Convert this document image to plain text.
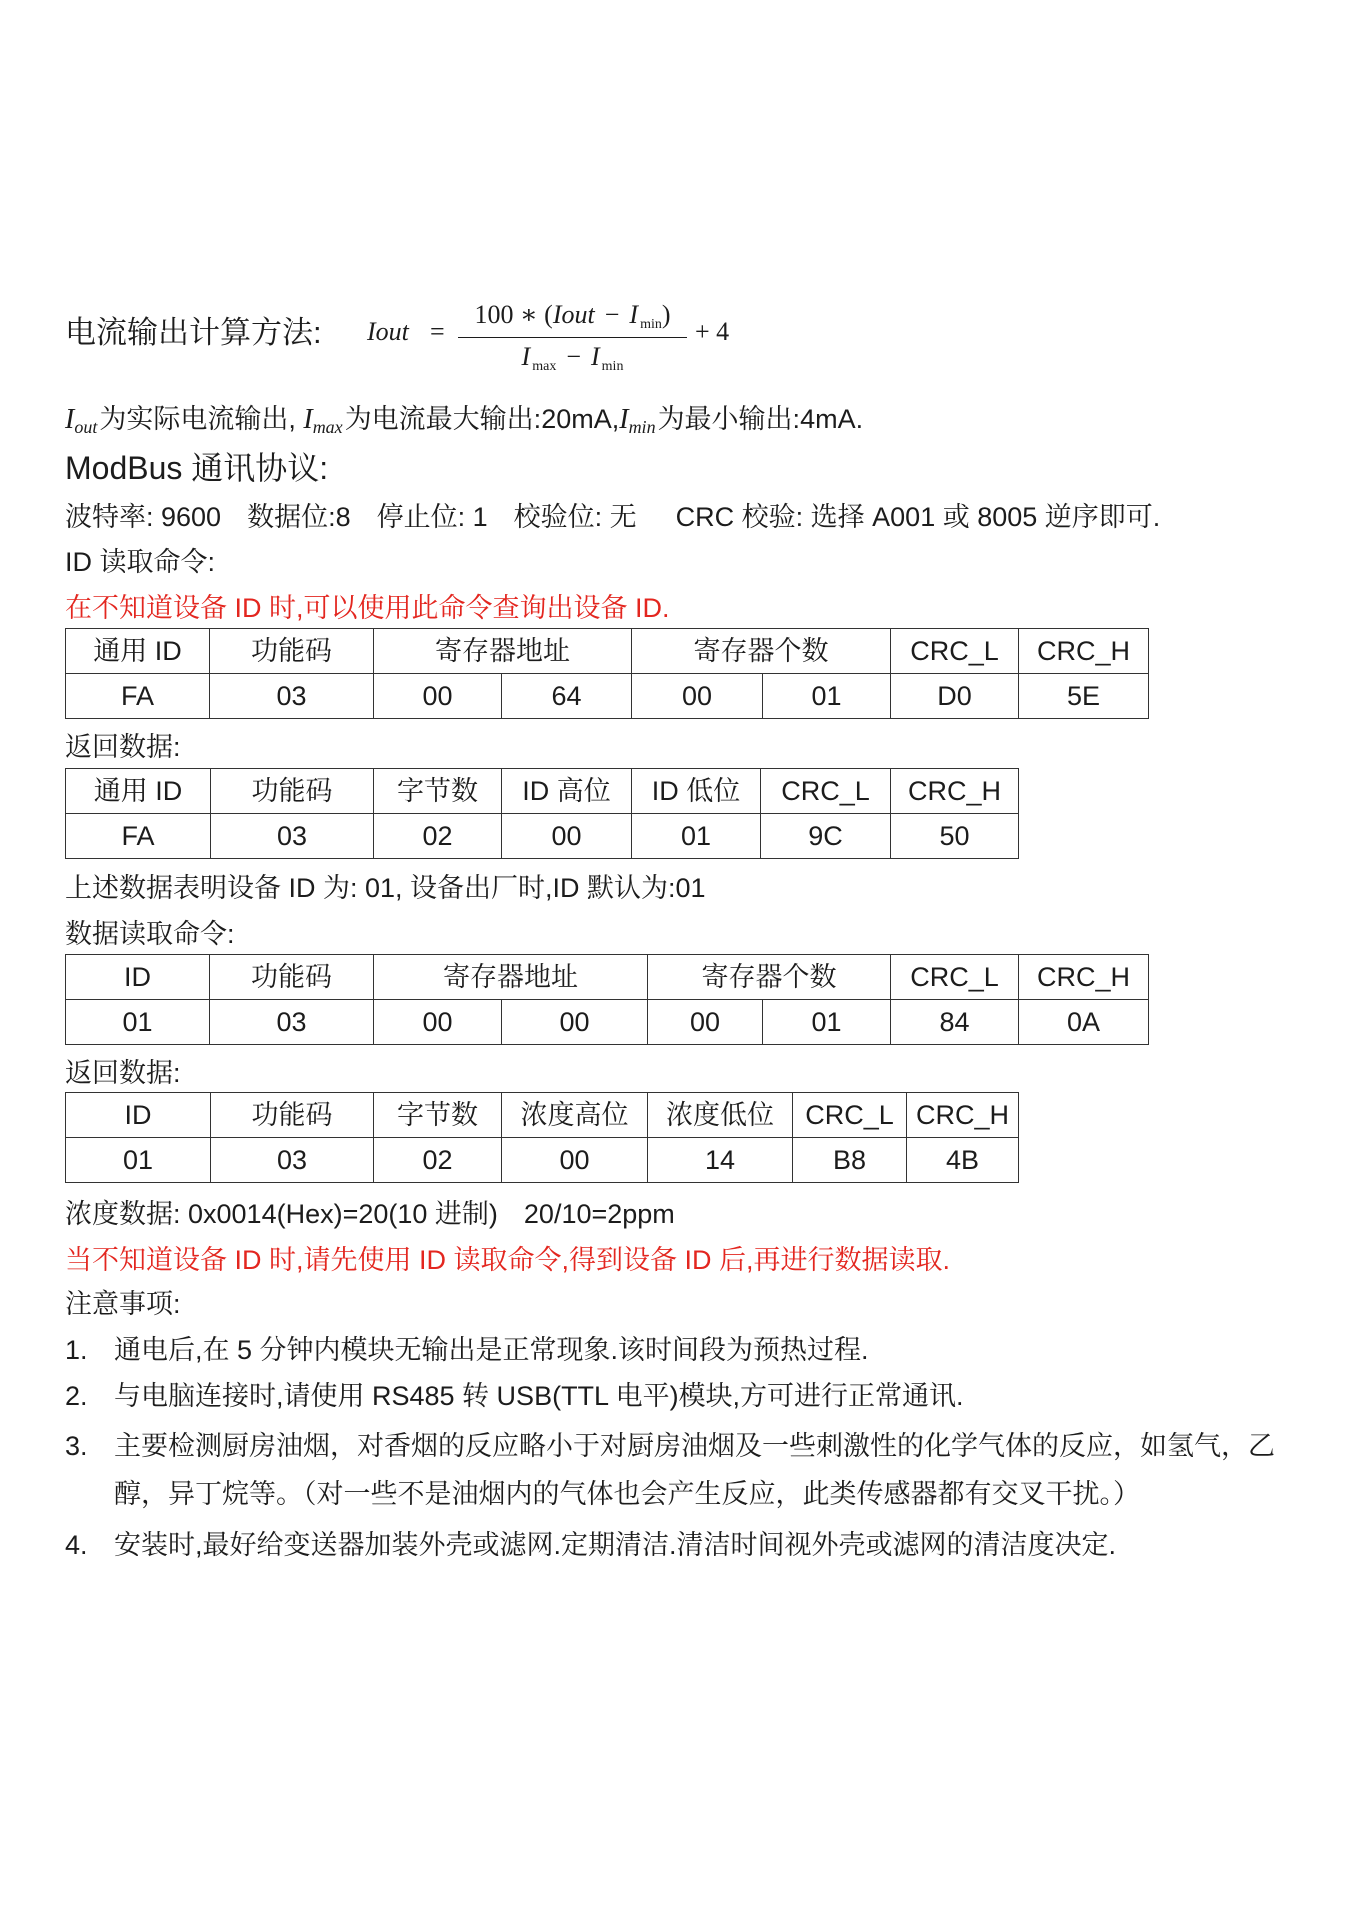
电流输出计算方法: Iout =
100 ∗ ( Iout − I min )
I max − I min
+ 4
Iout为实际电流输出, Imax为电流最大输出:20mA,Imin为最小输出:4mA.
ModBus 通讯协议:
波特率: 9600 数据位:8 停止位: 1 校验位: 无 CRC 校验: 选择 A001 或 8005 逆序即可.
ID 读取命令:
在不知道设备 ID 时,可以使用此命令查询出设备 ID.
通用 ID	功能码	寄存器地址		寄存器个数		CRC_L	CRC_H
FA	03	00	64	00	01	D0	5E
返回数据:
通用 ID	功能码	字节数	ID 高位	ID 低位	CRC_L	CRC_H
FA	03	02	00	01	9C	50
上述数据表明设备 ID 为: 01, 设备出厂时,ID 默认为:01
数据读取命令:
ID	功能码	寄存器地址		寄存器个数		CRC_L	CRC_H
01	03	00	00	00	01	84	0A
返回数据:
ID	功能码	字节数	浓度高位	浓度低位	CRC_L	CRC_H
01	03	02	00	14	B8	4B
浓度数据: 0x0014(Hex)=20(10 进制) 20/10=2ppm
当不知道设备 ID 时,请先使用 ID 读取命令,得到设备 ID 后,再进行数据读取.
注意事项:
1. 通电后,在 5 分钟内模块无输出是正常现象.该时间段为预热过程.
2. 与电脑连接时,请使用 RS485 转 USB(TTL 电平)模块,方可进行正常通讯.
3. 主要检测厨房油烟，对香烟的反应略小于对厨房油烟及一些刺激性的化学气体的反应，如氢气，乙醇，异丁烷等。（对一些不是油烟内的气体也会产生反应，此类传感器都有交叉干扰。）
4. 安装时,最好给变送器加装外壳或滤网.定期清洁.清洁时间视外壳或滤网的清洁度决定.
